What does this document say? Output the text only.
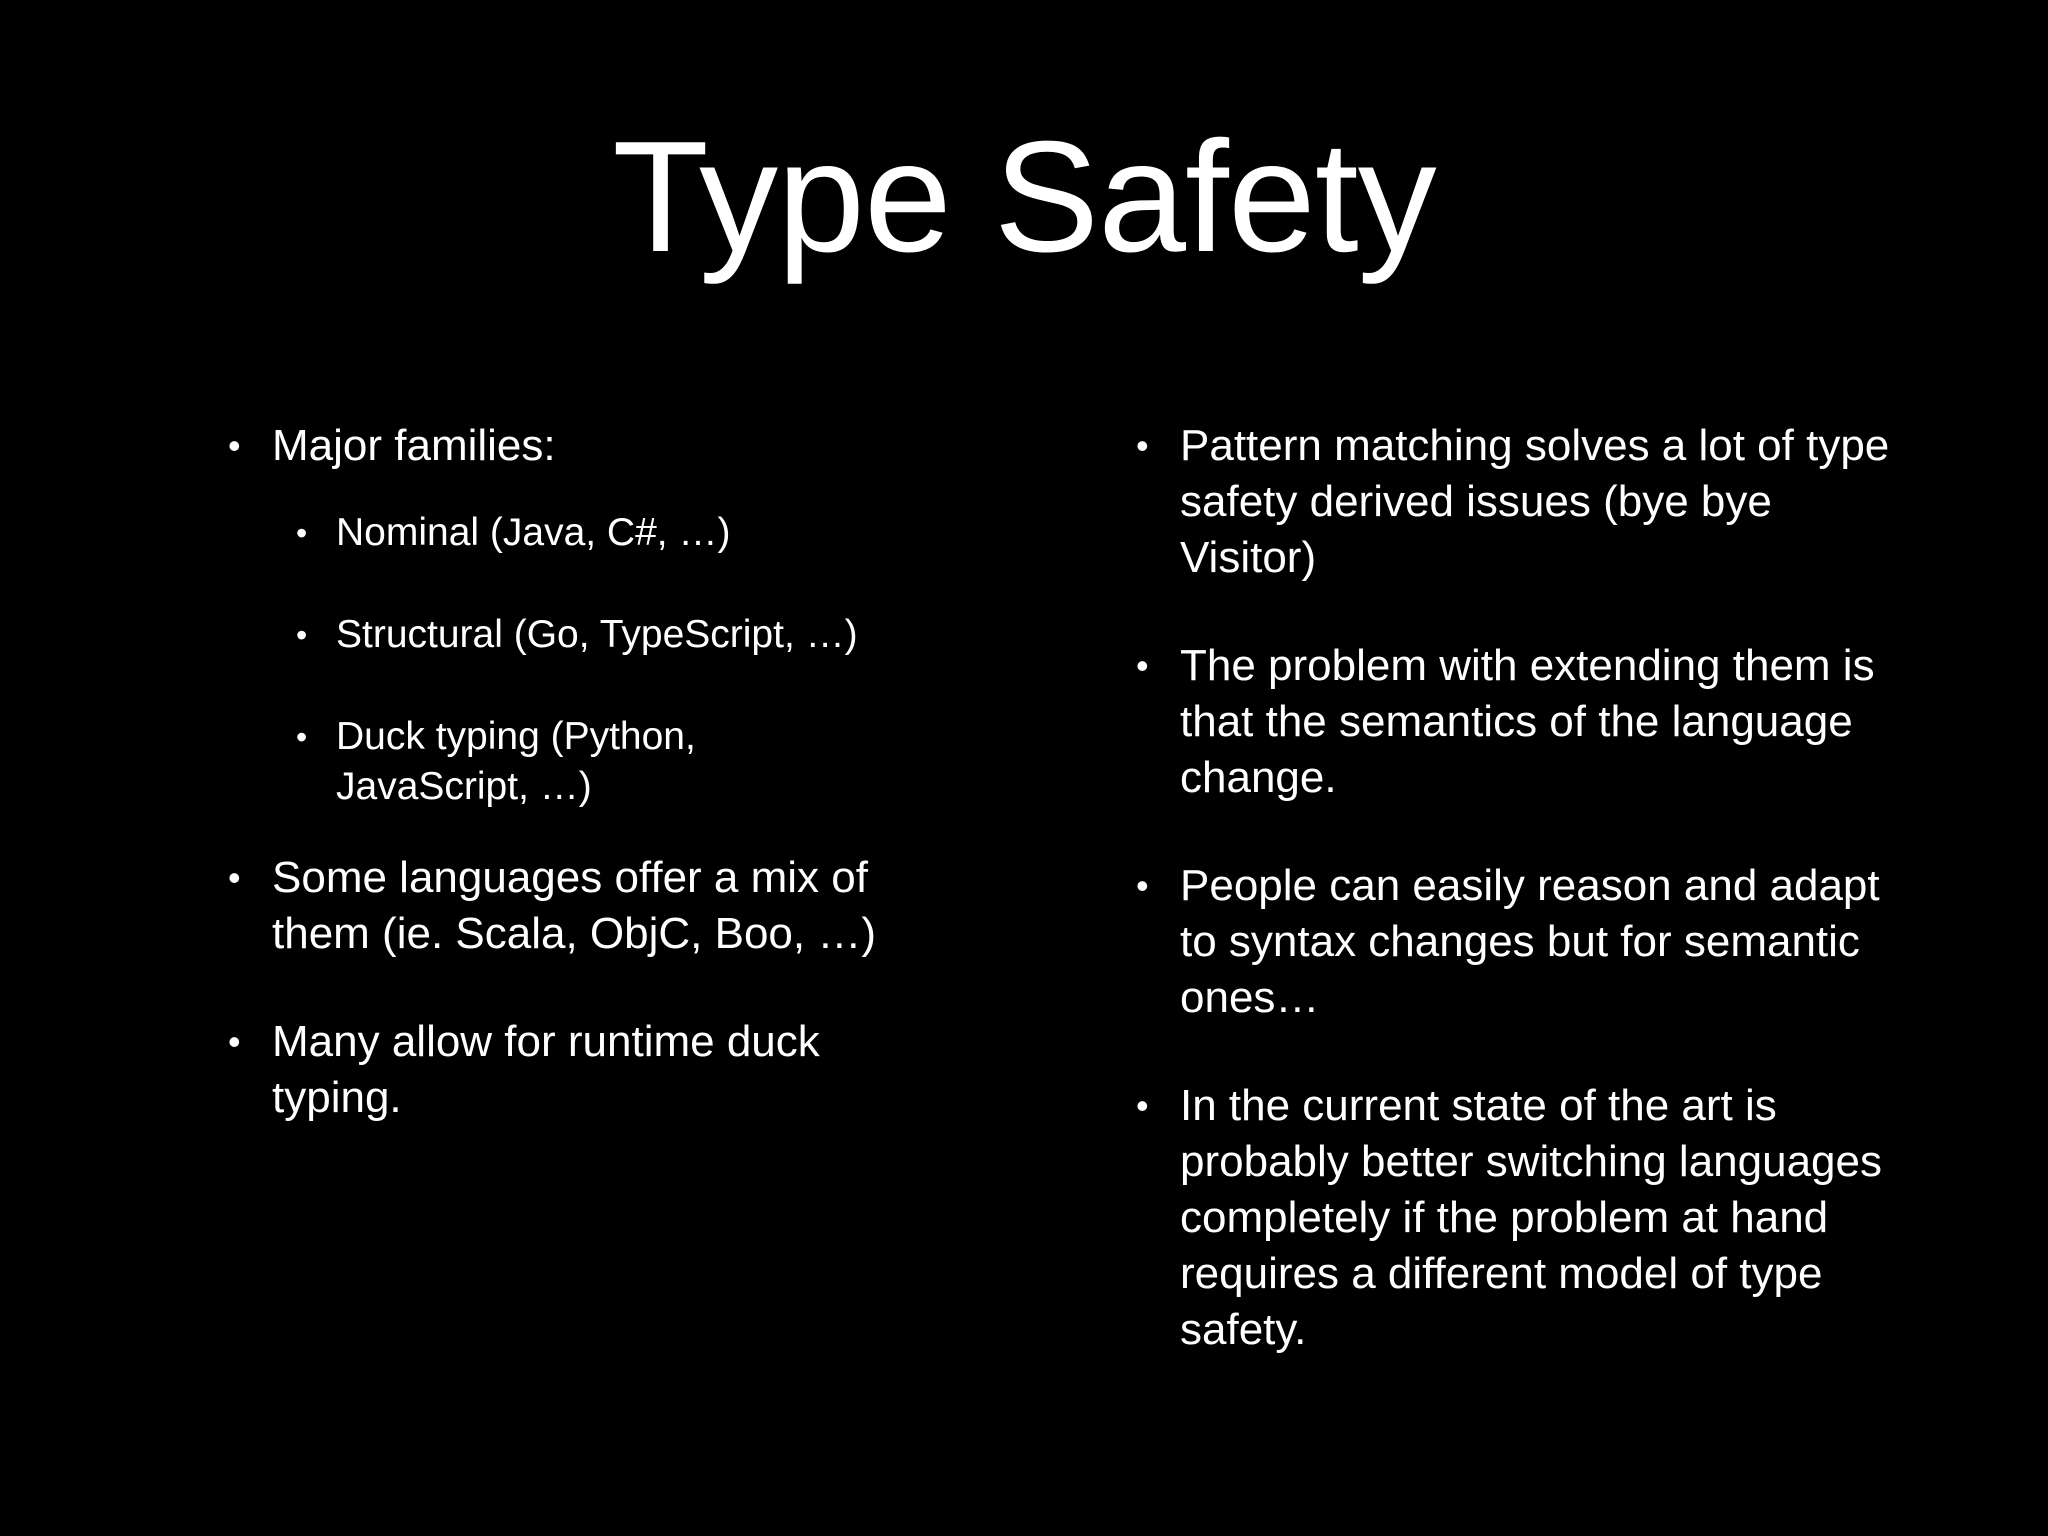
Type Safety
• Major families:
• Nominal (Java, C#, …)
• Structural (Go, TypeScript, …)
• Duck typing (Python, JavaScript, …)
• Some languages offer a mix of them (ie. Scala, ObjC, Boo, …)
• Many allow for runtime duck typing.
• Pattern matching solves a lot of type safety derived issues (bye bye Visitor)
• The problem with extending them is that the semantics of the language change.
• People can easily reason and adapt to syntax changes but for semantic ones…
• In the current state of the art is probably better switching languages completely if the problem at hand requires a different model of type safety.
